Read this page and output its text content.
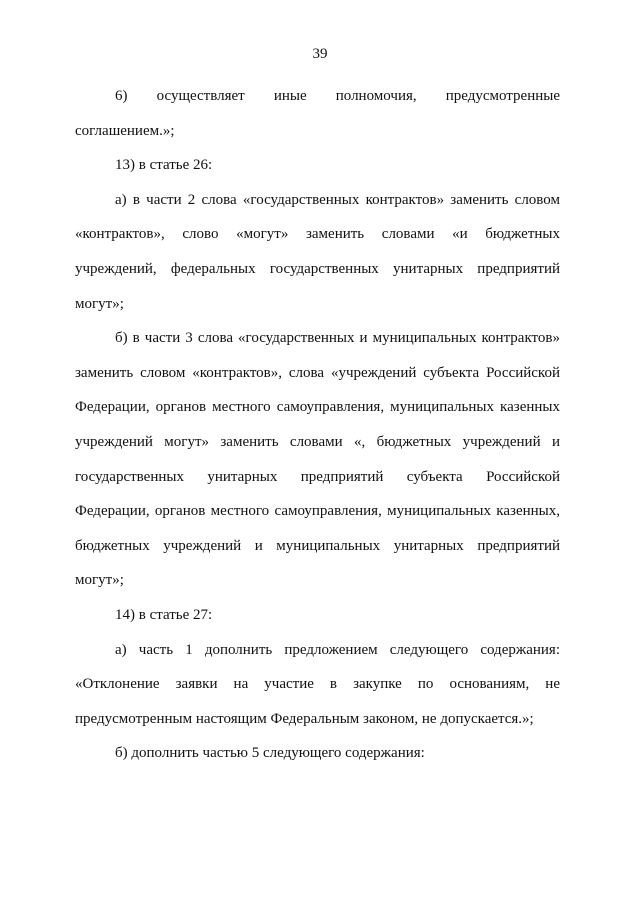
39
6) осуществляет иные полномочия, предусмотренные
соглашением.»;
13) в статье 26:
а) в части 2 слова «государственных контрактов» заменить словом
«контрактов», слово «могут» заменить словами «и бюджетных
учреждений, федеральных государственных унитарных предприятий
могут»;
б) в части 3 слова «государственных и муниципальных контрактов»
заменить словом «контрактов», слова «учреждений субъекта Российской
Федерации, органов местного самоуправления, муниципальных казенных
учреждений могут» заменить словами «, бюджетных учреждений и
государственных унитарных предприятий субъекта Российской
Федерации, органов местного самоуправления, муниципальных казенных,
бюджетных учреждений и муниципальных унитарных предприятий
могут»;
14) в статье 27:
а) часть 1 дополнить предложением следующего содержания:
«Отклонение заявки на участие в закупке по основаниям, не
предусмотренным настоящим Федеральным законом, не допускается.»;
б) дополнить частью 5 следующего содержания:
